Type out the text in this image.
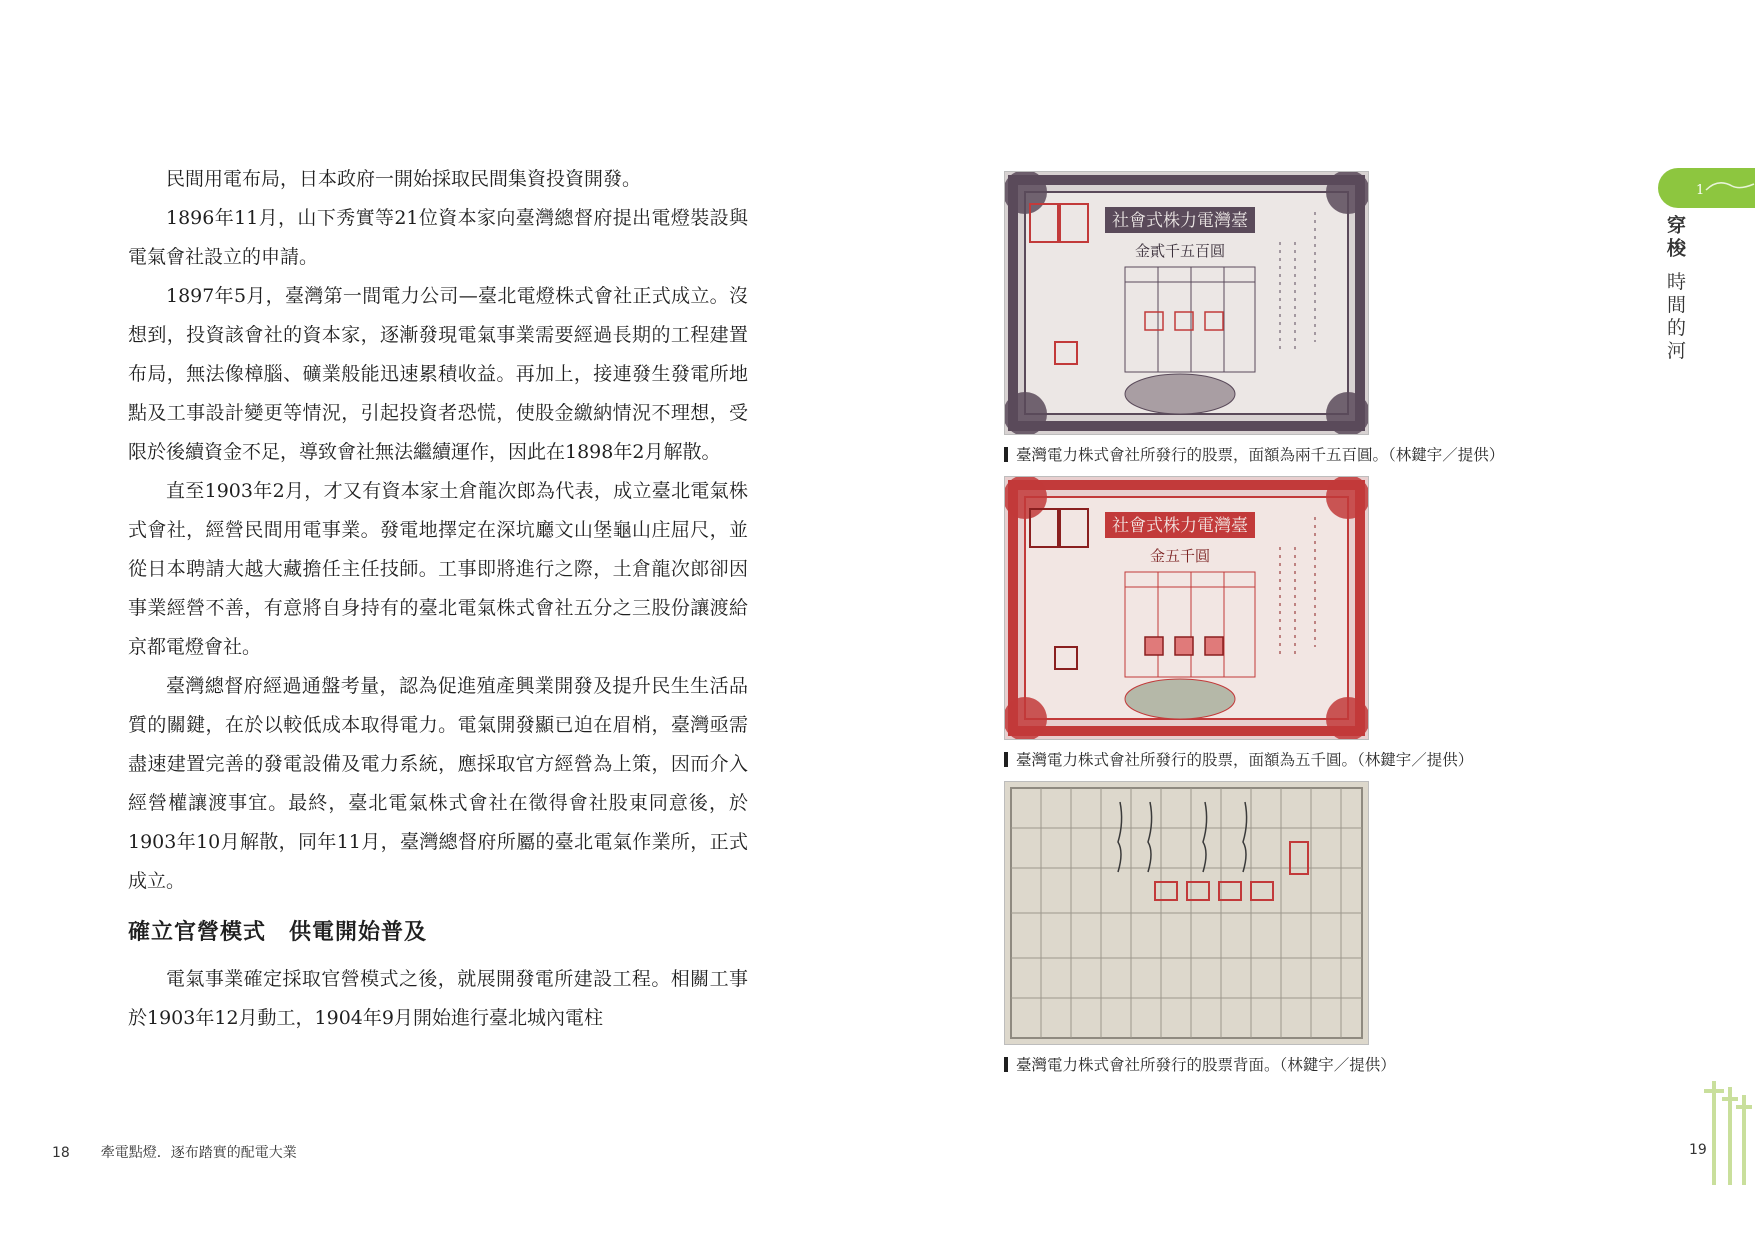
民間用電布局，日本政府一開始採取民間集資投資開發。

1896年11月，山下秀實等21位資本家向臺灣總督府提出電燈裝設與電氣會社設立的申請。

1897年5月，臺灣第一間電力公司—臺北電燈株式會社正式成立。沒想到，投資該會社的資本家，逐漸發現電氣事業需要經過長期的工程建置布局，無法像樟腦、礦業般能迅速累積收益。再加上，接連發生發電所地點及工事設計變更等情況，引起投資者恐慌，使股金繳納情況不理想，受限於後續資金不足，導致會社無法繼續運作，因此在1898年2月解散。

直至1903年2月，才又有資本家土倉龍次郎為代表，成立臺北電氣株式會社，經營民間用電事業。發電地擇定在深坑廳文山堡龜山庄屈尺，並從日本聘請大越大藏擔任主任技師。工事即將進行之際，土倉龍次郎卻因事業經營不善，有意將自身持有的臺北電氣株式會社五分之三股份讓渡給京都電燈會社。

臺灣總督府經過通盤考量，認為促進殖產興業開發及提升民生生活品質的關鍵，在於以較低成本取得電力。電氣開發顯已迫在眉梢，臺灣亟需盡速建置完善的發電設備及電力系統，應採取官方經營為上策，因而介入經營權讓渡事宜。最終，臺北電氣株式會社在徵得會社股東同意後，於1903年10月解散，同年11月，臺灣總督府所屬的臺北電氣作業所，正式成立。

確立官營模式　供電開始普及

電氣事業確定採取官營模式之後，就展開發電所建設工程。相關工事於1903年12月動工，1904年9月開始進行臺北城內電柱

社會式株力電灣臺
金貳千五百圓
臺灣電力株式會社所發行的股票，面額為兩千五百圓。（林鍵宇／提供）
社會式株力電灣臺
金五千圓
臺灣電力株式會社所發行的股票，面額為五千圓。（林鍵宇／提供）
臺灣電力株式會社所發行的股票背面。（林鍵宇／提供）
1
穿梭 時間的河
18 牽電點燈．逐布踏實的配電大業	19
